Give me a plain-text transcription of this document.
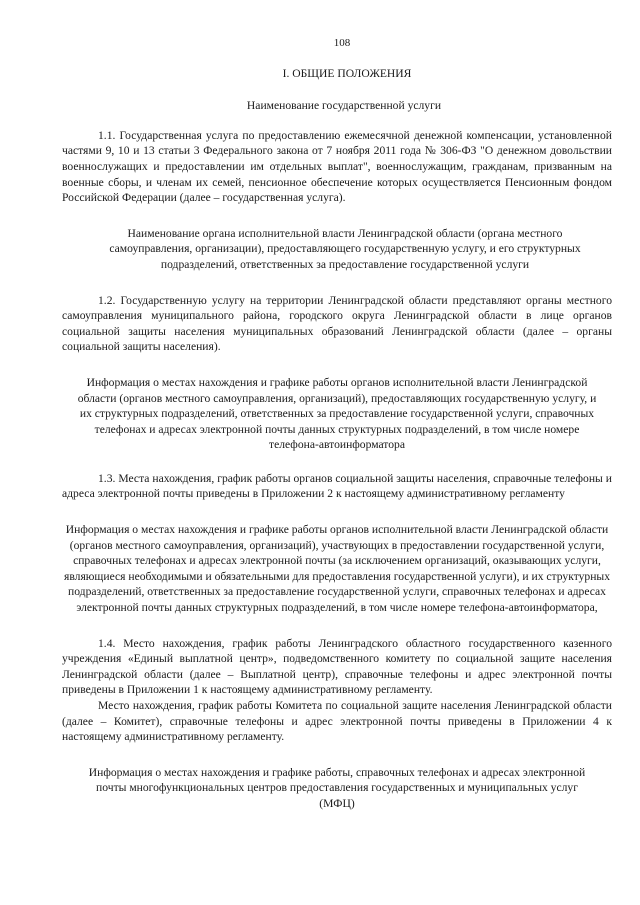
108
I. ОБЩИЕ ПОЛОЖЕНИЯ
Наименование государственной услуги
1.1. Государственная услуга по предоставлению ежемесячной денежной компенсации, установленной частями 9, 10 и 13 статьи 3 Федерального закона от 7 ноября 2011 года № 306-ФЗ "О денежном довольствии военнослужащих и предоставлении им отдельных выплат", военнослужащим, гражданам, призванным на военные сборы, и членам их семей, пенсионное обеспечение которых осуществляется Пенсионным фондом Российской Федерации (далее – государственная услуга).
Наименование органа исполнительной власти Ленинградской области (органа местного самоуправления, организации), предоставляющего государственную услугу, и его структурных подразделений, ответственных за предоставление государственной услуги
1.2. Государственную услугу на территории Ленинградской области представляют органы местного самоуправления муниципального района, городского округа Ленинградской области в лице органов социальной защиты населения муниципальных образований Ленинградской области (далее – органы социальной защиты населения).
Информация о местах нахождения и графике работы органов исполнительной власти Ленинградской области (органов местного самоуправления, организаций), предоставляющих государственную услугу, и их структурных подразделений, ответственных за предоставление государственной услуги, справочных телефонах и адресах электронной почты данных структурных подразделений, в том числе номере телефона-автоинформатора
1.3. Места нахождения, график работы органов социальной защиты населения, справочные телефоны и адреса электронной почты приведены в Приложении 2 к настоящему административному регламенту
Информация о местах нахождения и графике работы органов исполнительной власти Ленинградской области (органов местного самоуправления, организаций), участвующих в предоставлении государственной услуги, справочных телефонах и адресах электронной почты (за исключением организаций, оказывающих услуги, являющиеся необходимыми и обязательными для предоставления государственной услуги), и их структурных подразделений, ответственных за предоставление государственной услуги, справочных телефонах и адресах электронной почты данных структурных подразделений, в том числе номере телефона-автоинформатора,
1.4. Место нахождения, график работы Ленинградского областного государственного казенного учреждения «Единый выплатной центр», подведомственного комитету по социальной защите населения Ленинградской области (далее – Выплатной центр), справочные телефоны и адрес электронной почты приведены в Приложении 1 к настоящему административному регламенту.
Место нахождения, график работы Комитета по социальной защите населения Ленинградской области (далее – Комитет), справочные телефоны и адрес электронной почты приведены в Приложении 4 к настоящему административному регламенту.
Информация о местах нахождения и графике работы, справочных телефонах и адресах электронной почты многофункциональных центров предоставления государственных и муниципальных услуг (МФЦ)
